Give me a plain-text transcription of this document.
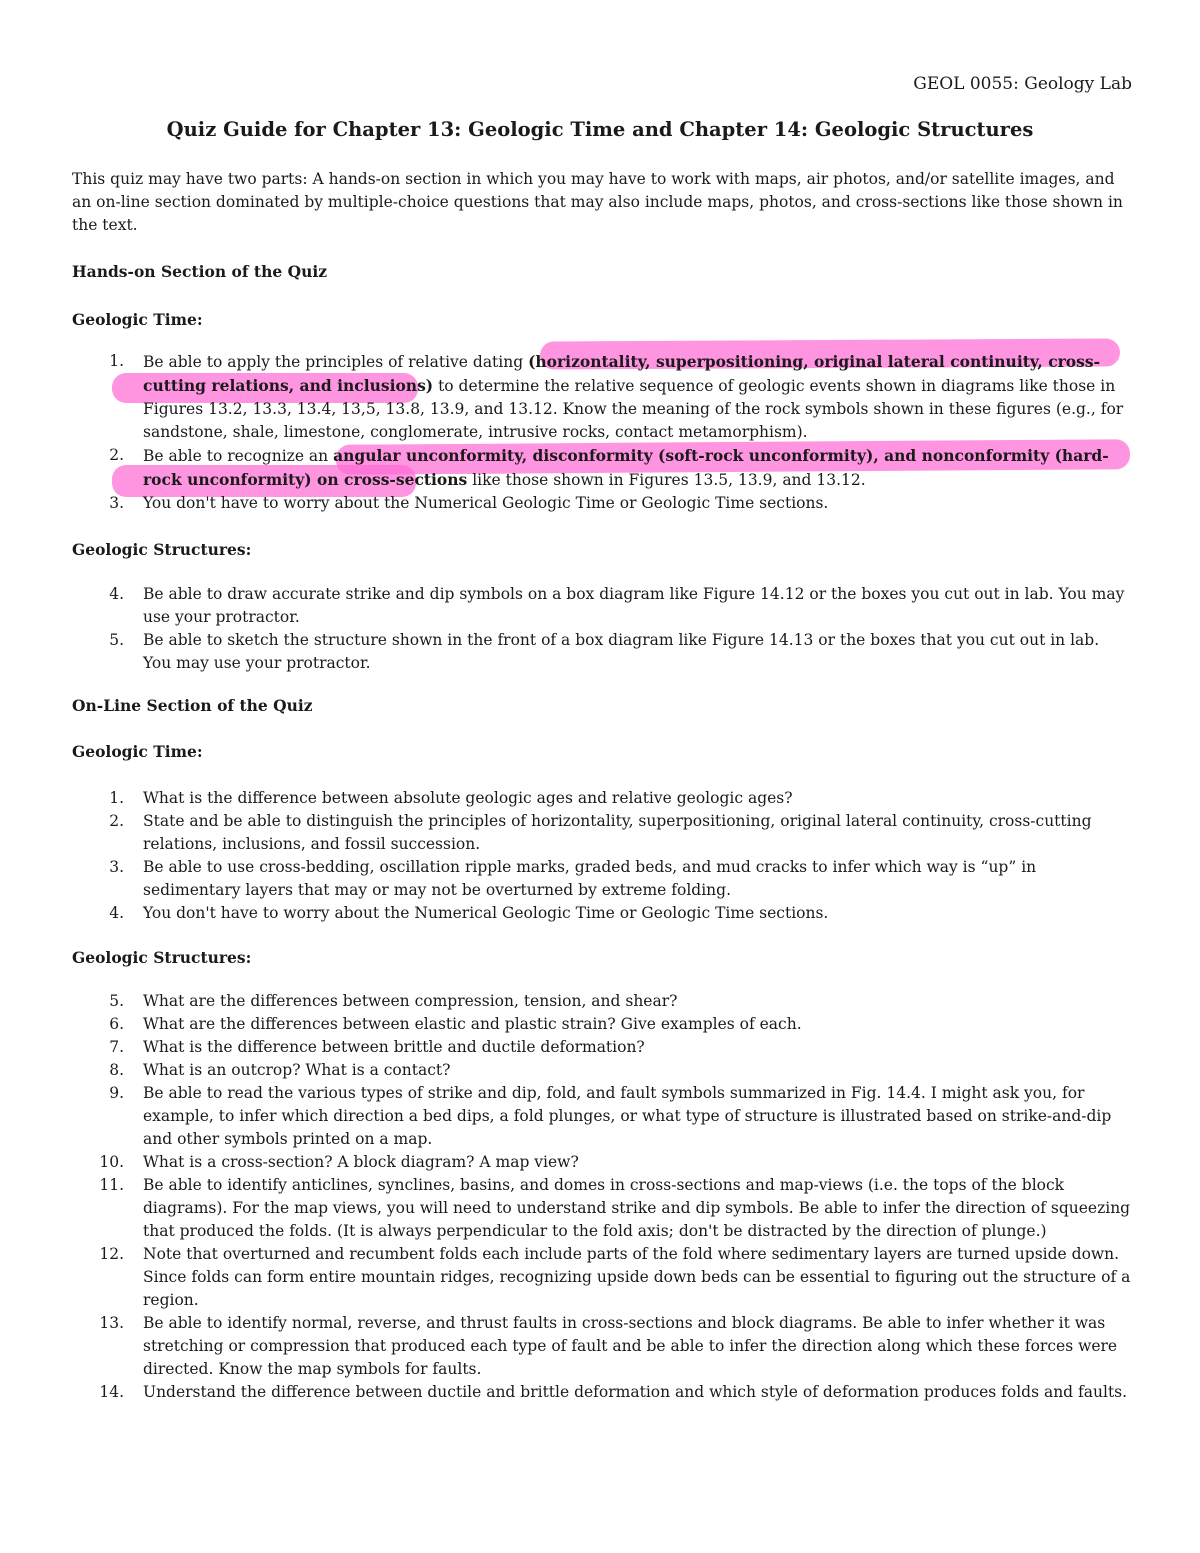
GEOL 0055: Geology Lab
Quiz Guide for Chapter 13: Geologic Time and Chapter 14: Geologic Structures
This quiz may have two parts: A hands-on section in which you may have to work with maps, air photos, and/or satellite images, and an on-line section dominated by multiple-choice questions that may also include maps, photos, and cross-sections like those shown in the text.
Hands-on Section of the Quiz
Geologic Time:
1. Be able to apply the principles of relative dating (horizontality, superpositioning, original lateral continuity, cross-cutting relations, and inclusions) to determine the relative sequence of geologic events shown in diagrams like those in Figures 13.2, 13.3, 13.4, 13,5, 13.8, 13.9, and 13.12. Know the meaning of the rock symbols shown in these figures (e.g., for sandstone, shale, limestone, conglomerate, intrusive rocks, contact metamorphism).
2. Be able to recognize an angular unconformity, disconformity (soft-rock unconformity), and nonconformity (hard-rock unconformity) on cross-sections like those shown in Figures 13.5, 13.9, and 13.12.
3. You don't have to worry about the Numerical Geologic Time or Geologic Time sections.
Geologic Structures:
4. Be able to draw accurate strike and dip symbols on a box diagram like Figure 14.12 or the boxes you cut out in lab. You may use your protractor.
5. Be able to sketch the structure shown in the front of a box diagram like Figure 14.13 or the boxes that you cut out in lab. You may use your protractor.
On-Line Section of the Quiz
Geologic Time:
1. What is the difference between absolute geologic ages and relative geologic ages?
2. State and be able to distinguish the principles of horizontality, superpositioning, original lateral continuity, cross-cutting relations, inclusions, and fossil succession.
3. Be able to use cross-bedding, oscillation ripple marks, graded beds, and mud cracks to infer which way is “up” in sedimentary layers that may or may not be overturned by extreme folding.
4. You don't have to worry about the Numerical Geologic Time or Geologic Time sections.
Geologic Structures:
5. What are the differences between compression, tension, and shear?
6. What are the differences between elastic and plastic strain? Give examples of each.
7. What is the difference between brittle and ductile deformation?
8. What is an outcrop? What is a contact?
9. Be able to read the various types of strike and dip, fold, and fault symbols summarized in Fig. 14.4. I might ask you, for example, to infer which direction a bed dips, a fold plunges, or what type of structure is illustrated based on strike-and-dip and other symbols printed on a map.
10. What is a cross-section? A block diagram? A map view?
11. Be able to identify anticlines, synclines, basins, and domes in cross-sections and map-views (i.e. the tops of the block diagrams). For the map views, you will need to understand strike and dip symbols. Be able to infer the direction of squeezing that produced the folds. (It is always perpendicular to the fold axis; don't be distracted by the direction of plunge.)
12. Note that overturned and recumbent folds each include parts of the fold where sedimentary layers are turned upside down. Since folds can form entire mountain ridges, recognizing upside down beds can be essential to figuring out the structure of a region.
13. Be able to identify normal, reverse, and thrust faults in cross-sections and block diagrams. Be able to infer whether it was stretching or compression that produced each type of fault and be able to infer the direction along which these forces were directed. Know the map symbols for faults.
14. Understand the difference between ductile and brittle deformation and which style of deformation produces folds and faults.
